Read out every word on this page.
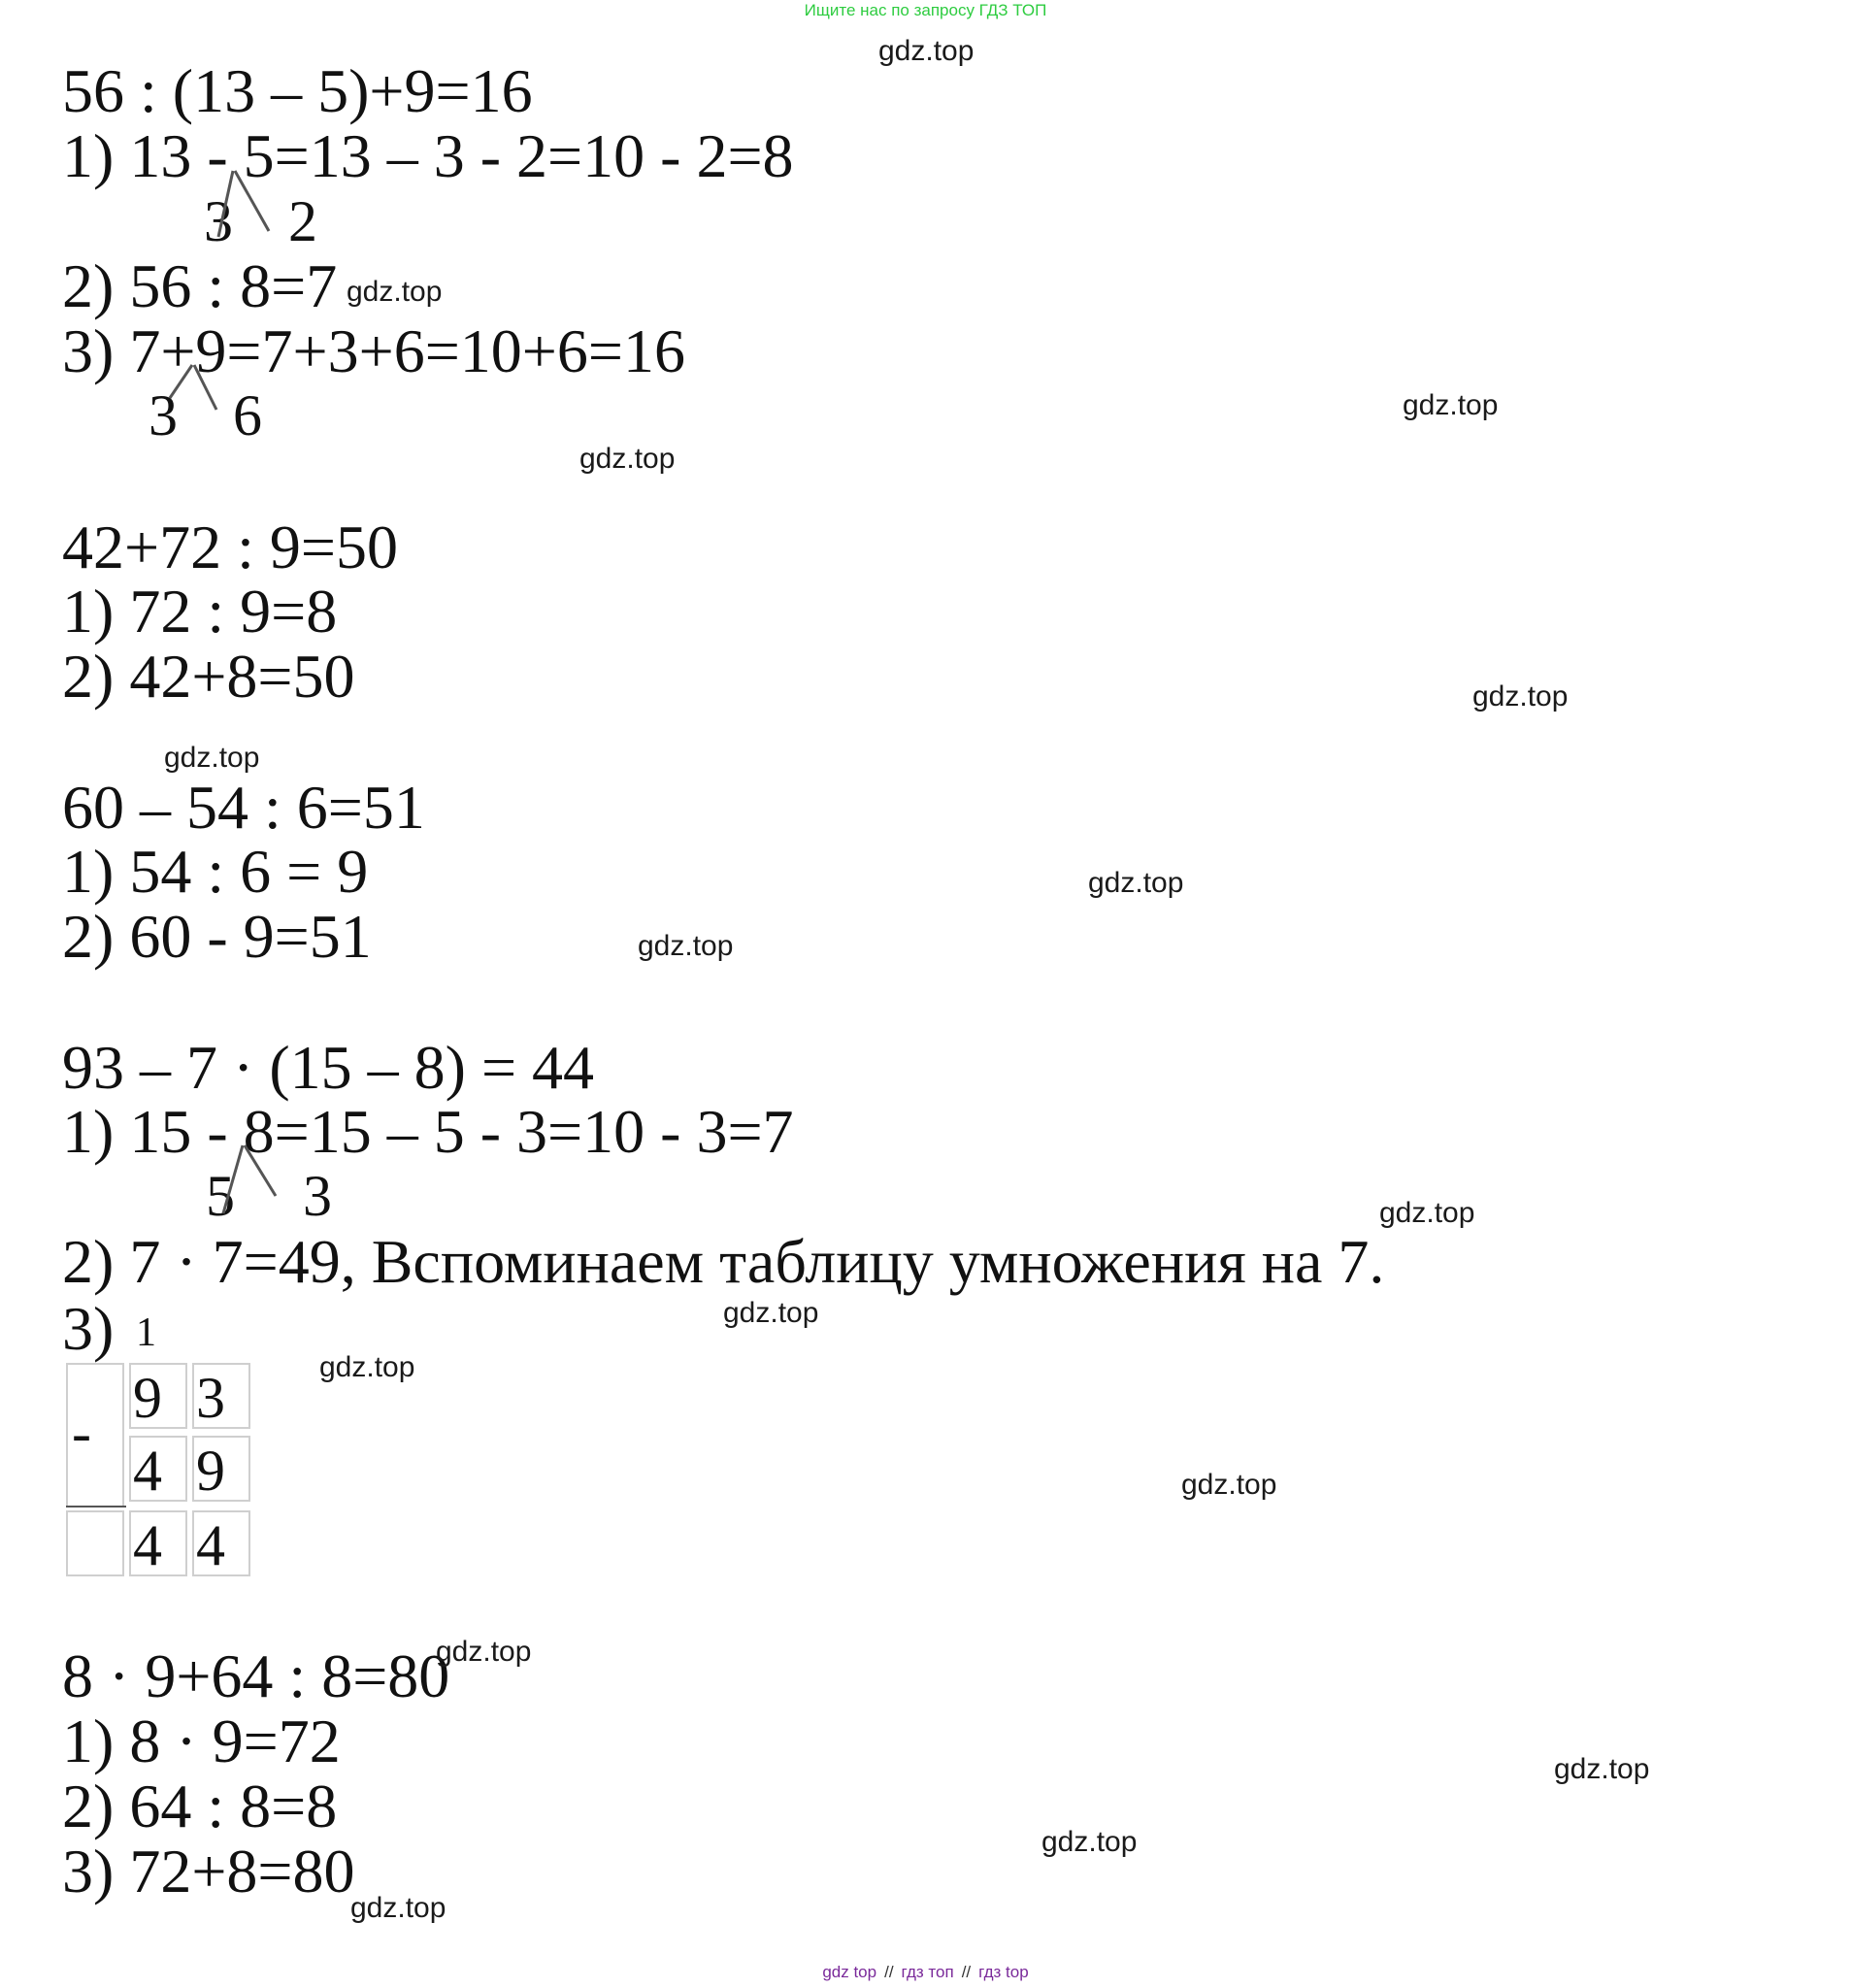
Ищите нас по запросу ГДЗ ТОП
56 : (13 – 5)+9=16
1) 13 - 5=13 – 3 - 2=10 - 2=8
3 2
2) 56 : 8=7
3) 7+9=7+3+6=10+6=16
3 6
42+72 : 9=50
1) 72 : 9=8
2) 42+8=50
60 – 54 : 6=51
1) 54 : 6 = 9
2) 60 - 9=51
93 – 7 · (15 – 8) = 44
1) 15 - 8=15 – 5 - 3=10 - 3=7
5 3
2) 7 · 7=49, Вспоминаем таблицу умножения на 7.
3) 1
-
9 3
4 9
4 4
8 · 9+64 : 8=80
1) 8 · 9=72
2) 64 : 8=8
3) 72+8=80
gdz.top
gdz.top
gdz.top
gdz.top
gdz.top
gdz.top
gdz.top
gdz.top
gdz.top
gdz.top
gdz.top
gdz.top
gdz.top
gdz.top
gdz.top
gdz.top
gdz top // гдз топ // гдз top
